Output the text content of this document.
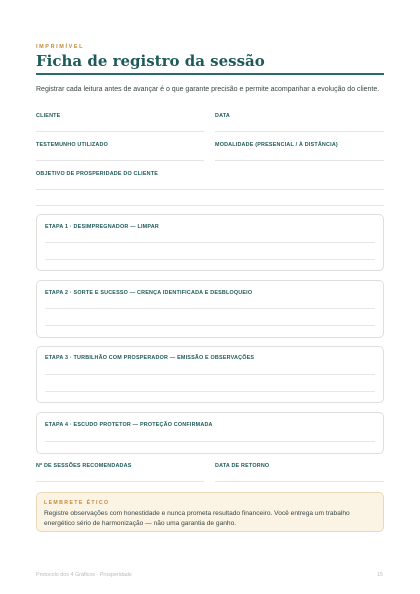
IMPRIMÍVEL
Ficha de registro da sessão
Registrar cada leitura antes de avançar é o que garante precisão e permite acompanhar a evolução do cliente.
CLIENTE	DATA
TESTEMUNHO UTILIZADO	MODALIDADE (PRESENCIAL / À DISTÂNCIA)
OBJETIVO DE PROSPERIDADE DO CLIENTE
ETAPA 1 · DESIMPREGNADOR — LIMPAR
ETAPA 2 · SORTE E SUCESSO — CRENÇA IDENTIFICADA E DESBLOQUEIO
ETAPA 3 · TURBILHÃO COM PROSPERADOR — EMISSÃO E OBSERVAÇÕES
ETAPA 4 · ESCUDO PROTETOR — PROTEÇÃO CONFIRMADA
Nº DE SESSÕES RECOMENDADAS	DATA DE RETORNO
LEMBRETE ÉTICO
Registre observações com honestidade e nunca prometa resultado financeiro. Você entrega um trabalho energético sério de harmonização — não uma garantia de ganho.
Protocolo dos 4 Gráficos · Prosperidade	15
